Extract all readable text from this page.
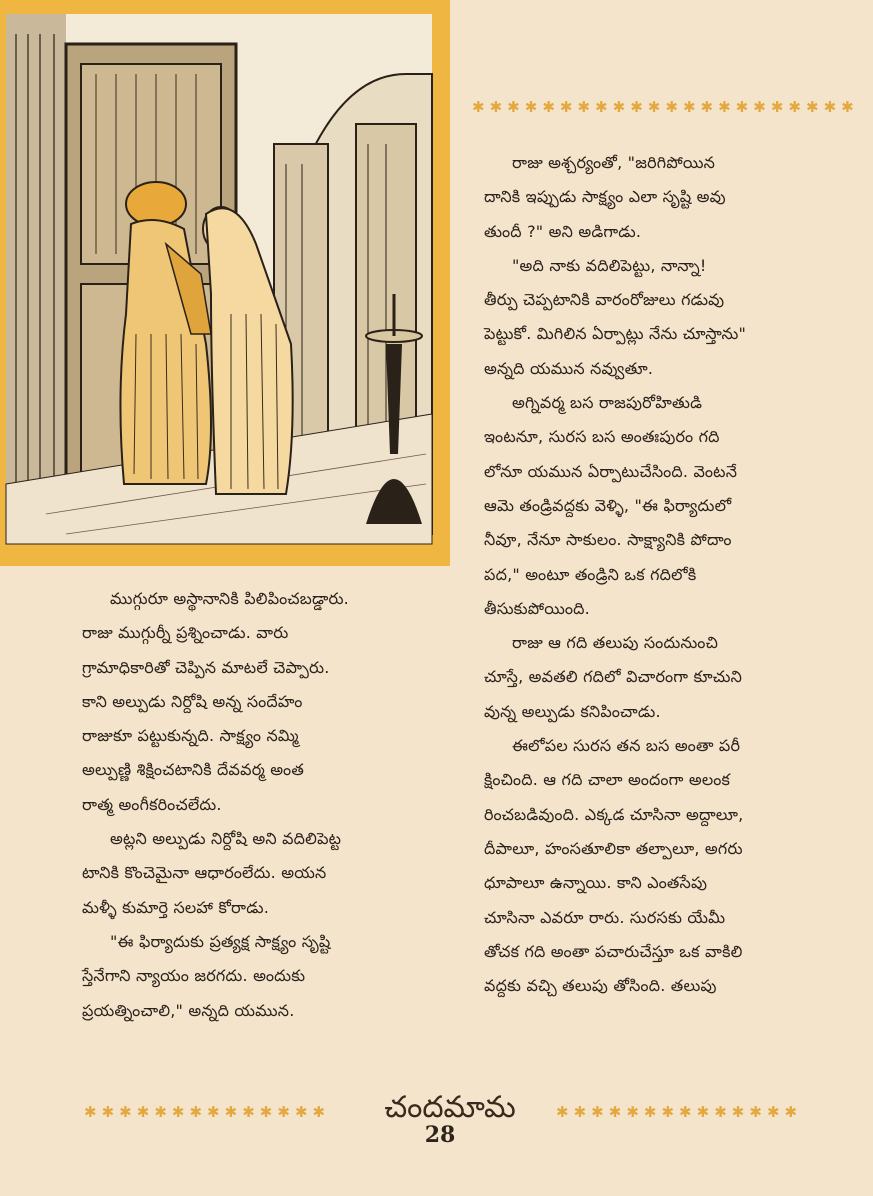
✱ ✱ ✱ ✱ ✱ ✱ ✱ ✱ ✱ ✱ ✱ ✱ ✱ ✱ ✱ ✱ ✱ ✱ ✱ ✱ ✱ ✱

ముగ్గురూ అస్థానానికి పిలిపించబడ్డారు.

రాజు ముగ్గుర్నీ ప్రశ్నించాడు. వారు

గ్రామాధికారితో చెప్పిన మాటలే చెప్పారు.

కాని అల్పుడు నిర్దోషి అన్న సందేహం

రాజుకూ పట్టుకున్నది. సాక్ష్యం నమ్మి

అల్పుణ్ణి శిక్షించటానికి దేవవర్మ అంత

రాత్మ అంగీకరించలేదు.

అట్లని అల్పుడు నిర్దోషి అని వదిలిపెట్ట

టానికి కొంచెమైనా ఆధారంలేదు. అయన

మళ్ళీ కుమార్తె సలహా కోరాడు.

"ఈ ఫిర్యాదుకు ప్రత్యక్ష సాక్ష్యం సృష్టి

స్తేనేగాని న్యాయం జరగదు. అందుకు

ప్రయత్నించాలి," అన్నది యమున.

రాజు అశ్చర్యంతో, "జరిగిపోయిన

దానికి ఇప్పుడు సాక్ష్యం ఎలా సృష్టి అవు

తుందీ ?" అని అడిగాడు.

"అది నాకు వదిలిపెట్టు, నాన్నా!

తీర్పు చెప్పటానికి వారంరోజులు గడువు

పెట్టుకో. మిగిలిన ఏర్పాట్లు నేను చూస్తాను"

అన్నది యమున నవ్వుతూ.

అగ్నివర్మ బస రాజపురోహితుడి

ఇంటనూ, సురస బస అంతఃపురం గది

లోనూ యమున ఏర్పాటుచేసింది. వెంటనే

ఆమె తండ్రివద్దకు వెళ్ళి, "ఈ ఫిర్యాదులో

నీవూ, నేనూ సాకులం. సాక్ష్యానికి పోదాం

పద," అంటూ తండ్రిని ఒక గదిలోకి

తీసుకుపోయింది.

రాజు ఆ గది తలుపు సందునుంచి

చూస్తే, అవతలి గదిలో విచారంగా కూచుని

వున్న అల్పుడు కనిపించాడు.

ఈలోపల సురస తన బస అంతా పరీ

క్షించింది. ఆ గది చాలా అందంగా అలంక

రించబడివుంది. ఎక్కడ చూసినా అద్దాలూ,

దీపాలూ, హంసతూలికా తల్పాలూ, అగరు

ధూపాలూ ఉన్నాయి. కాని ఎంతసేపు

చూసినా ఎవరూ రారు. సురసకు యేమీ

తోచక గది అంతా పచారుచేస్తూ ఒక వాకిలి

వద్దకు వచ్చి తలుపు తోసింది. తలుపు

✱ ✱ ✱ ✱ ✱ ✱ ✱ ✱ ✱ ✱ ✱ ✱ ✱ ✱	చందమామ	✱ ✱ ✱ ✱ ✱ ✱ ✱ ✱ ✱ ✱ ✱ ✱ ✱ ✱
28
